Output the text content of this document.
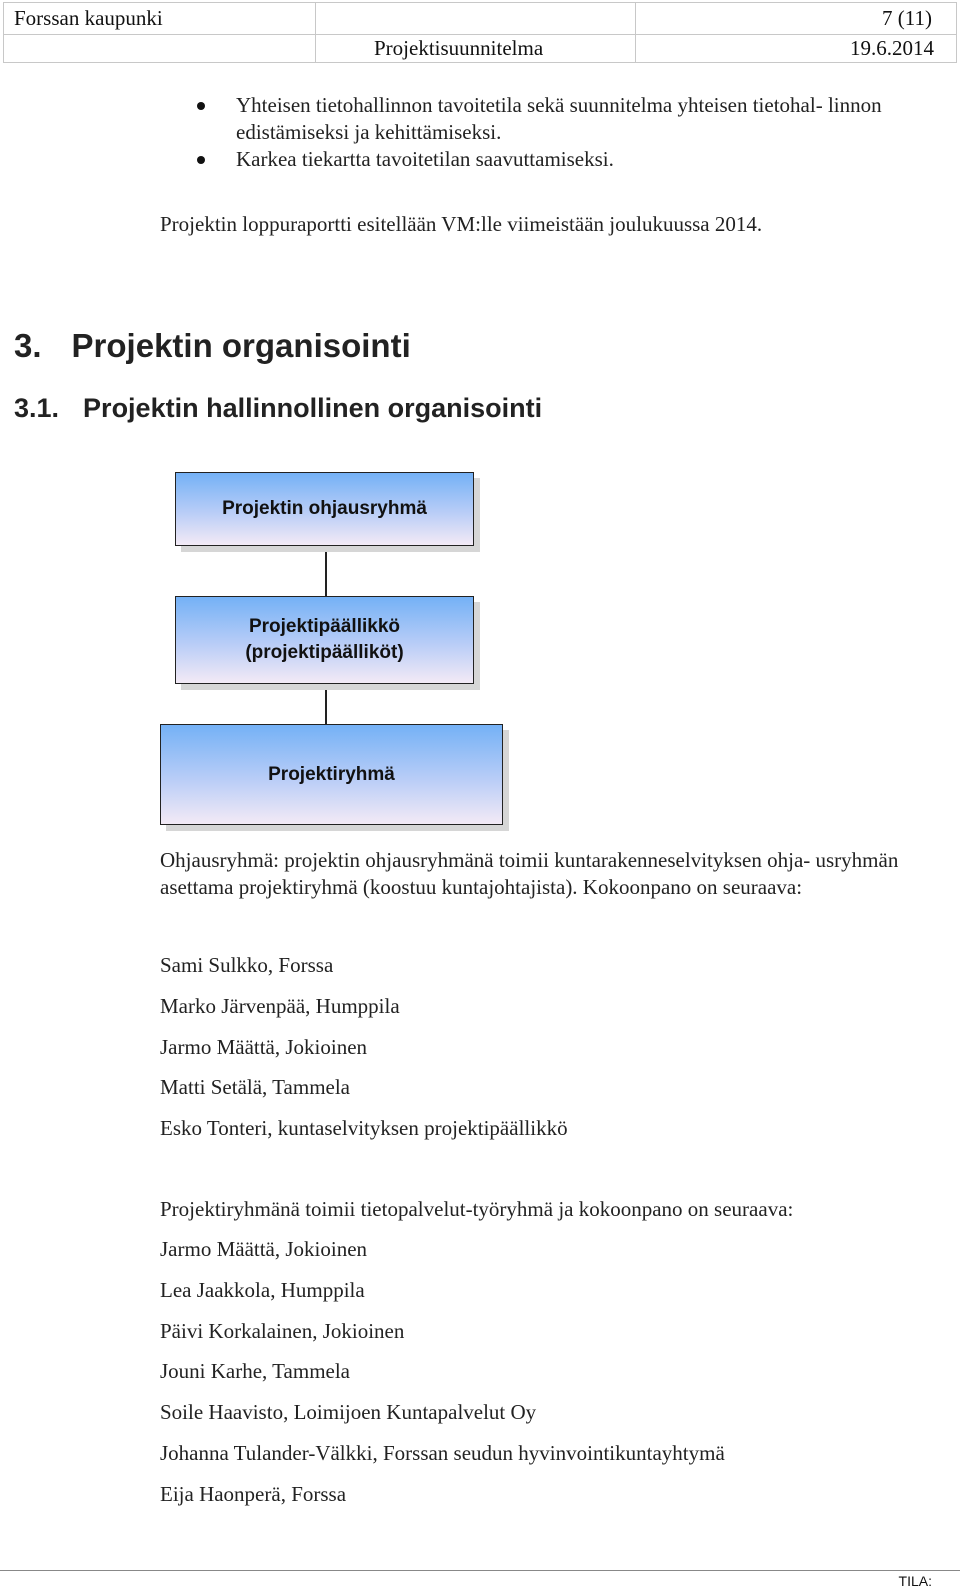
Forssan kaupunki	7 (11)
Projektisuunnitelma	19.6.2014
Yhteisen tietohallinnon tavoitetila sekä suunnitelma yhteisen tietohal- linnon edistämiseksi ja kehittämiseksi.
Karkea tiekartta tavoitetilan saavuttamiseksi.

Projektin loppuraportti esitellään VM:lle viimeistään joulukuussa 2014.

3. Projektin organisointi
3.1. Projektin hallinnollinen organisointi
Projektin ohjausryhmä
Projektipäällikkö
(projektipäälliköt)
Projektiryhmä

Ohjausryhmä: projektin ohjausryhmänä toimii kuntarakenneselvityksen ohja- usryhmän asettama projektiryhmä (koostuu kuntajohtajista). Kokoonpano on seuraava:

Sami Sulkko, Forssa
Marko Järvenpää, Humppila
Jarmo Määttä, Jokioinen
Matti Setälä, Tammela
Esko Tonteri, kuntaselvityksen projektipäällikkö

Projektiryhmänä toimii tietopalvelut-työryhmä ja kokoonpano on seuraava:

Jarmo Määttä, Jokioinen
Lea Jaakkola, Humppila
Päivi Korkalainen, Jokioinen
Jouni Karhe, Tammela
Soile Haavisto, Loimijoen Kuntapalvelut Oy
Johanna Tulander-Välkki, Forssan seudun hyvinvointikuntayhtymä
Eija Haonperä, Forssa
TILA:
